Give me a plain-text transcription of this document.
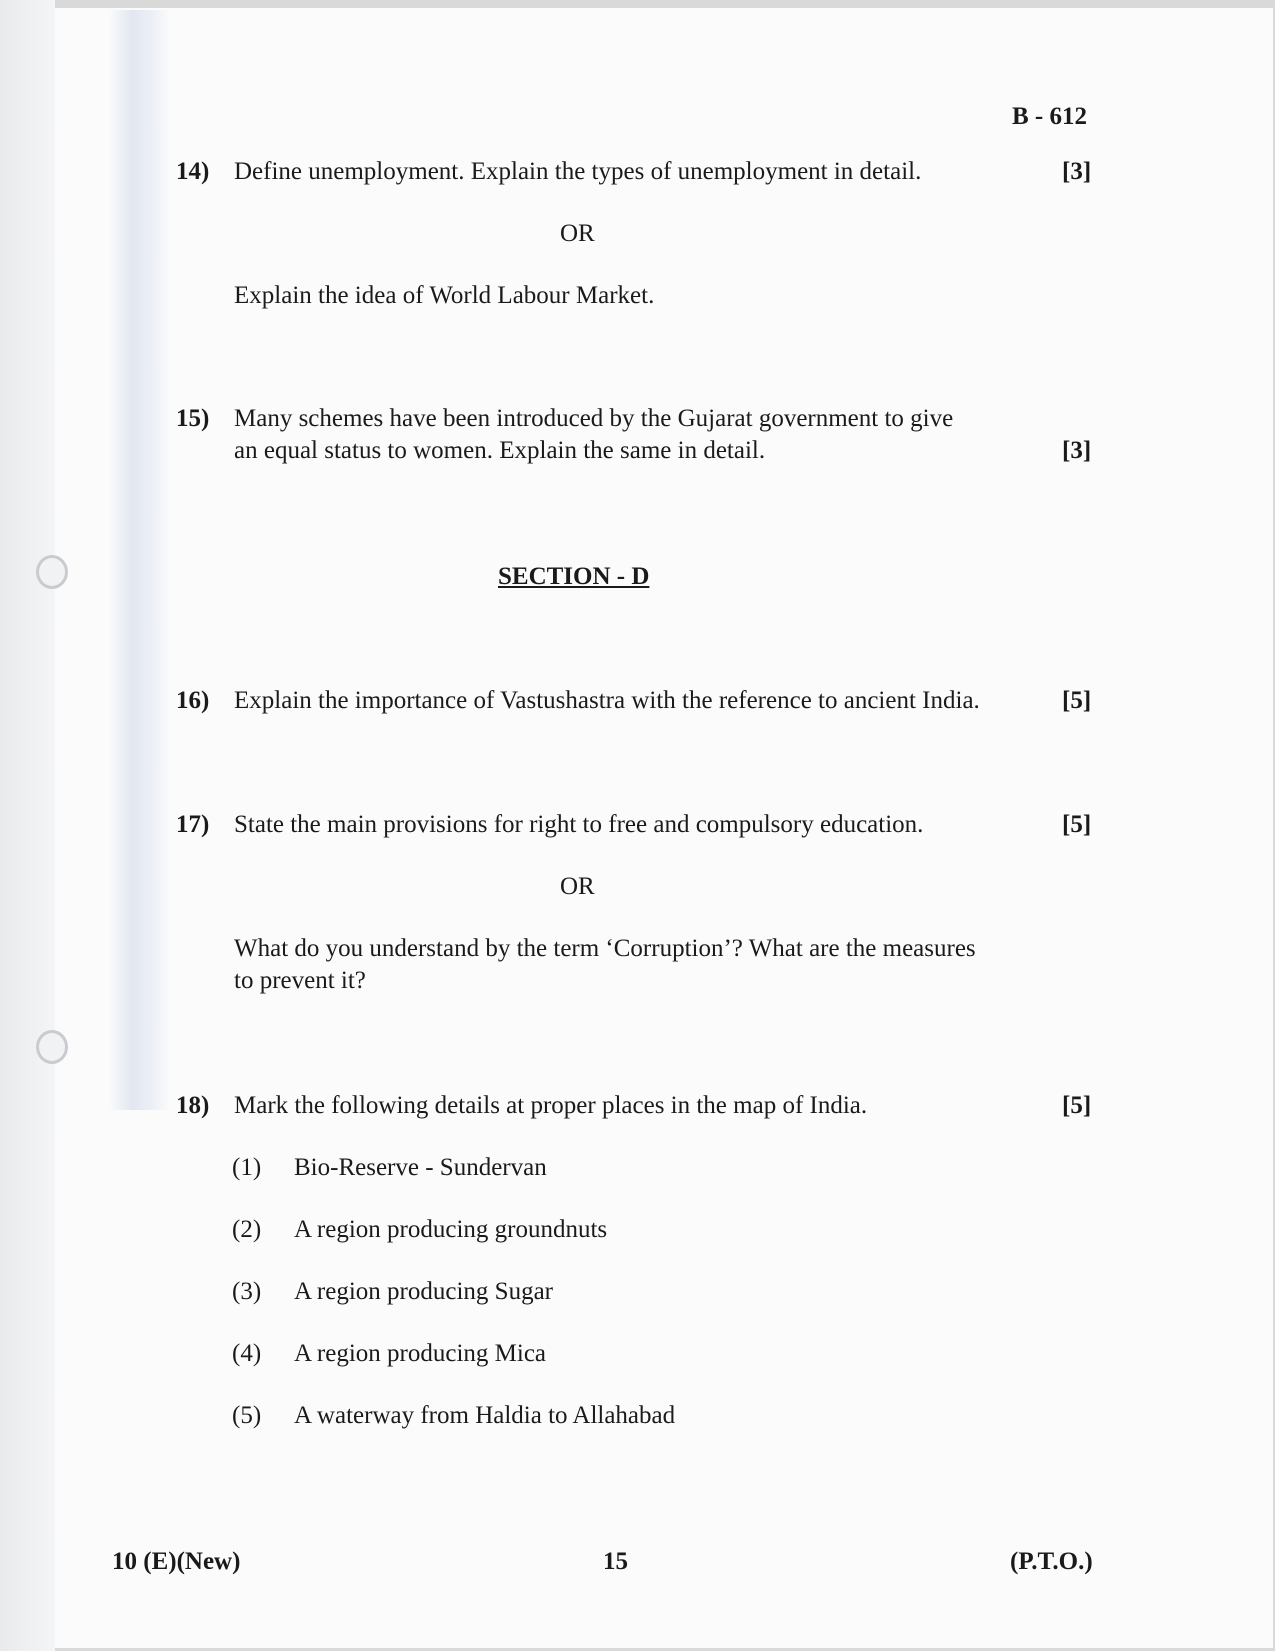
B - 612
14) Define unemployment. Explain the types of unemployment in detail.	[3]
OR
Explain the idea of World Labour Market.
15) Many schemes have been introduced by the Gujarat government to give
an equal status to women. Explain the same in detail.	[3]
SECTION - D
16) Explain the importance of Vastushastra with the reference to ancient India.	[5]
17) State the main provisions for right to free and compulsory education.	[5]
OR
What do you understand by the term ‘Corruption’? What are the measures
to prevent it?
18) Mark the following details at proper places in the map of India.	[5]
(1) Bio-Reserve - Sundervan
(2) A region producing groundnuts
(3) A region producing Sugar
(4) A region producing Mica
(5) A waterway from Haldia to Allahabad
10 (E)(New)	15	(P.T.O.)
